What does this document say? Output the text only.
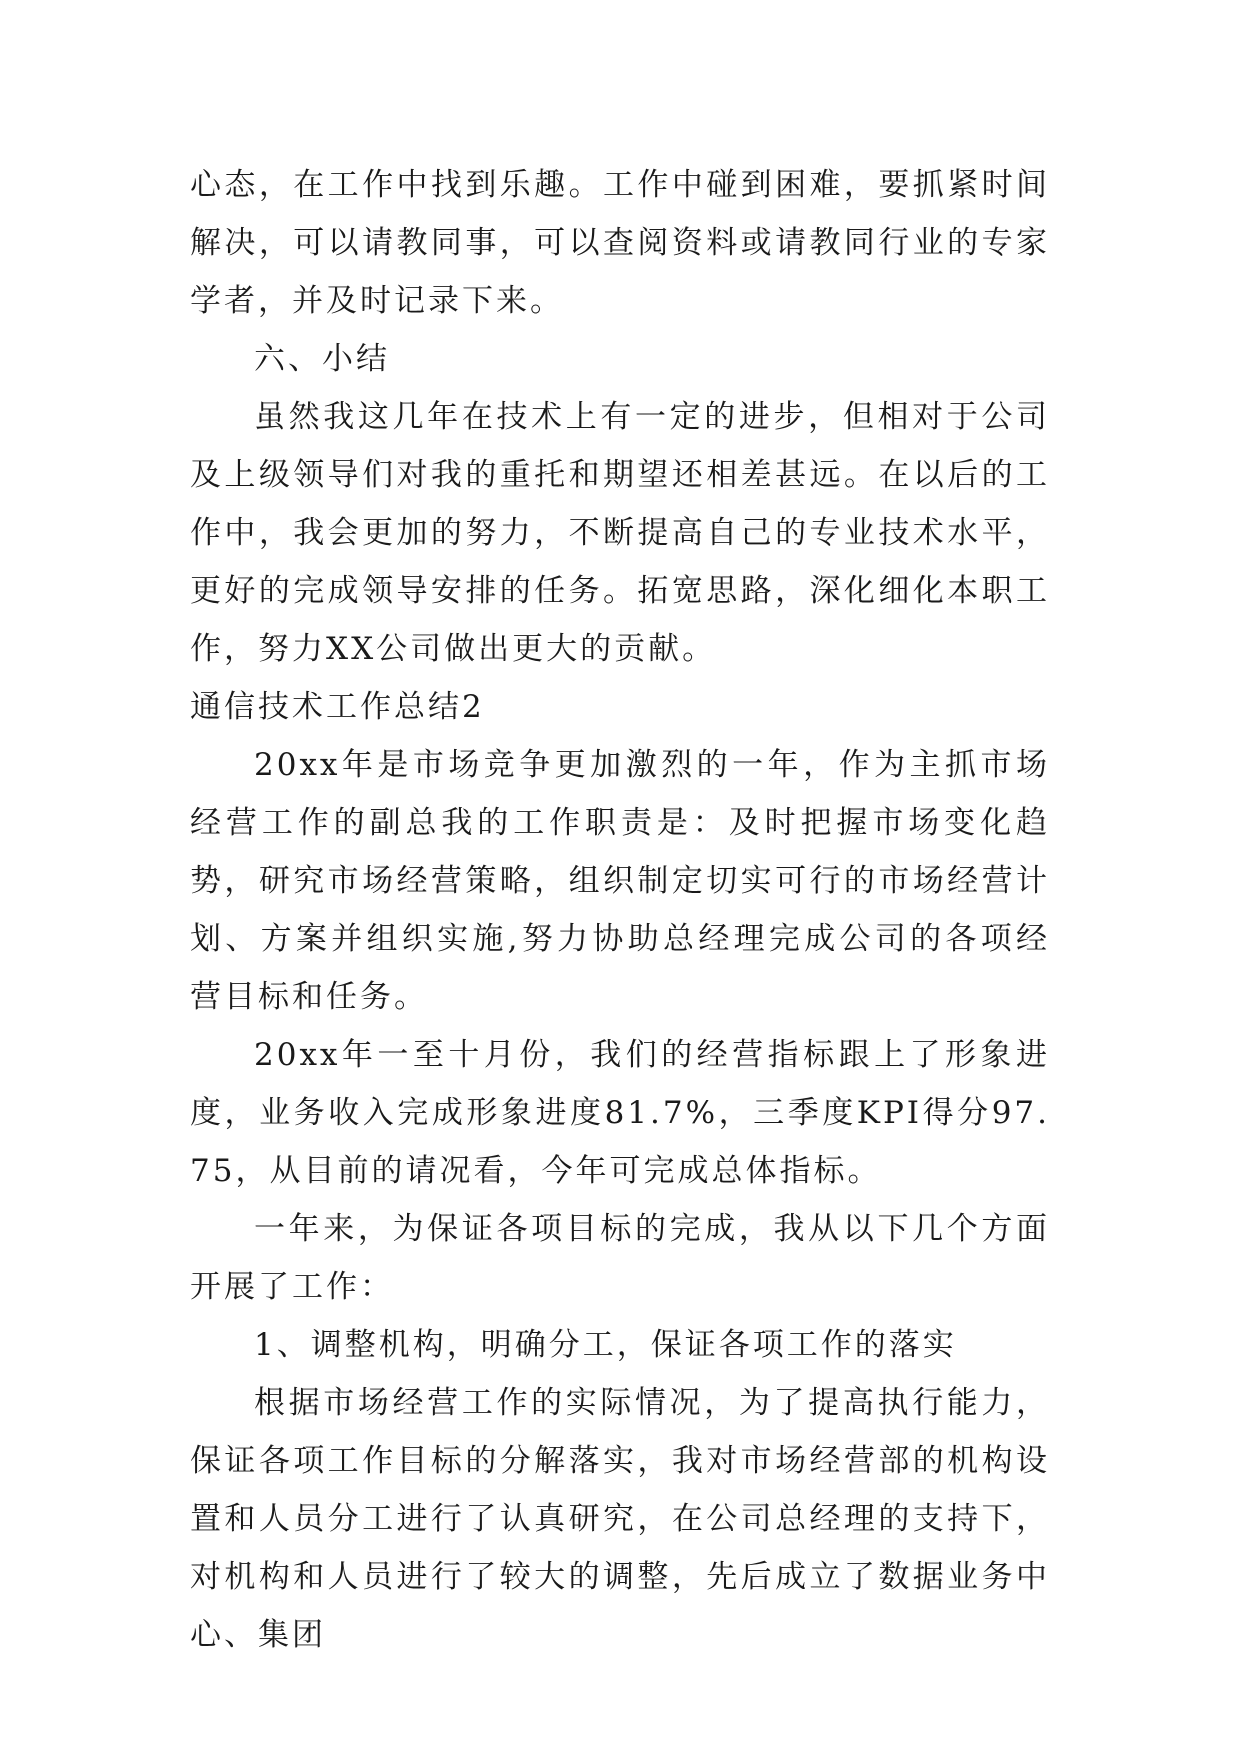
心态，在工作中找到乐趣。工作中碰到困难，要抓紧时间解决，可以请教同事，可以查阅资料或请教同行业的专家学者，并及时记录下来。

六、小结

虽然我这几年在技术上有一定的进步，但相对于公司及上级领导们对我的重托和期望还相差甚远。在以后的工作中，我会更加的努力，不断提高自己的专业技术水平，更好的完成领导安排的任务。拓宽思路，深化细化本职工作，努力XX公司做出更大的贡献。

通信技术工作总结2

20xx年是市场竞争更加激烈的一年，作为主抓市场经营工作的副总我的工作职责是：及时把握市场变化趋势，研究市场经营策略，组织制定切实可行的市场经营计划、方案并组织实施,努力协助总经理完成公司的各项经营目标和任务。

20xx年一至十月份，我们的经营指标跟上了形象进度，业务收入完成形象进度81.7%，三季度KPI得分97.75，从目前的请况看，今年可完成总体指标。

一年来，为保证各项目标的完成，我从以下几个方面开展了工作：

1、调整机构，明确分工，保证各项工作的落实

根据市场经营工作的实际情况，为了提高执行能力，保证各项工作目标的分解落实，我对市场经营部的机构设置和人员分工进行了认真研究，在公司总经理的支持下，对机构和人员进行了较大的调整，先后成立了数据业务中心、集团
